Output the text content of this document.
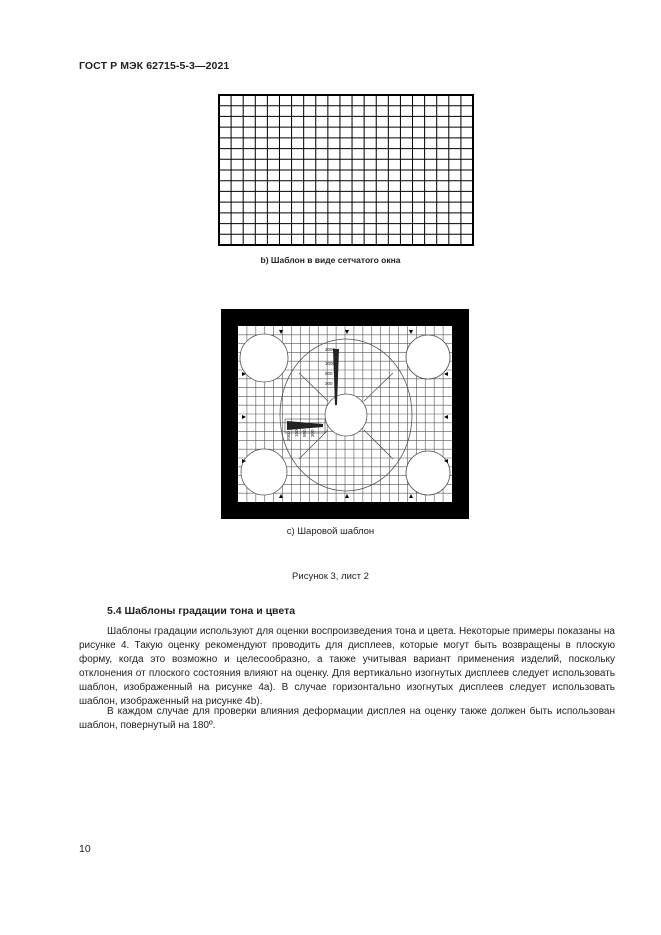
ГОСТ Р МЭК 62715-5-3—2021
b) Шаблон в виде сетчатого окна
2000
1000
500
300
2000 1000 500 300
c) Шаровой шаблон
Рисунок 3, лист 2
5.4 Шаблоны градации тона и цвета

Шаблоны градации используют для оценки воспроизведения тона и цвета. Некоторые примеры показаны на рисунке 4. Такую оценку рекомендуют проводить для дисплеев, которые могут быть возвращены в плоскую форму, когда это возможно и целесообразно, а также учитывая вариант применения изделий, поскольку отклонения от плоского состояния влияют на оценку. Для вертикально изогнутых дисплеев следует использовать шаблон, изображенный на рисунке 4a). В случае горизонтально изогнутых дисплеев следует использовать шаблон, изображенный на рисунке 4b).

В каждом случае для проверки влияния деформации дисплея на оценку также должен быть использован шаблон, повернутый на 180º.

10
